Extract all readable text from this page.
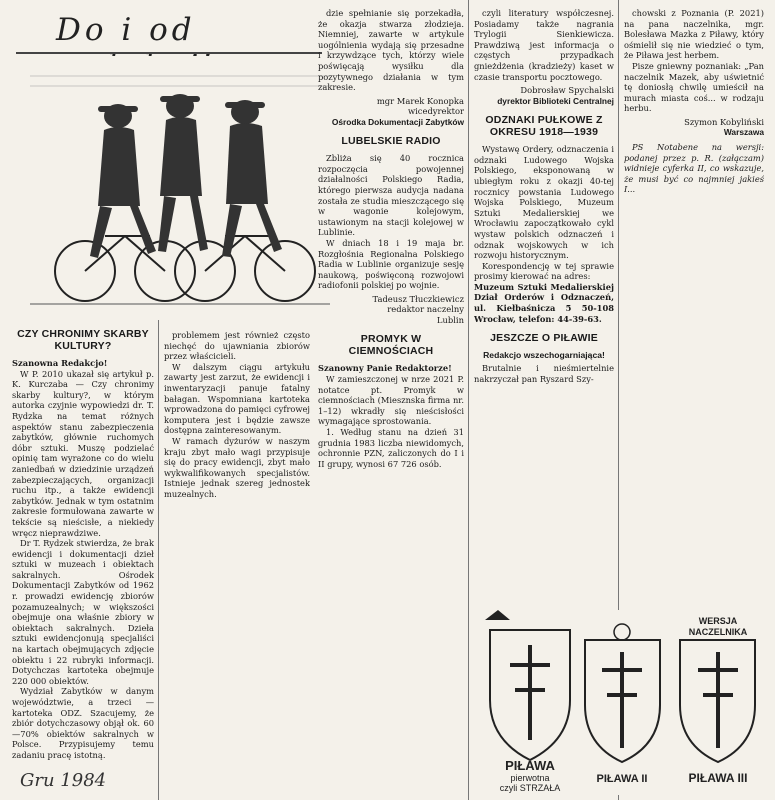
Do i od
CZY CHRONIMY SKARBY KULTURY?

Szanowna Redakcjo!

W P. 2010 ukazał się artykuł p. K. Kurczaba — Czy chronimy skarby kultury?, w którym autorka czyjnie wypowiedzi dr. T. Rydzka na temat różnych aspektów stanu zabezpieczenia zabytków, głównie ruchomych dóbr sztuki. Muszę podzielać opinię tam wyrażone co do wielu zaniedbań w dziedzinie urządzeń zabezpieczających, organizacji ruchu itp., a także ewidencji zabytków. Jednak w tym ostatnim zakresie formułowana zawarte w tekście są nieścisłe, a niekiedy wręcz nieprawdziwe.

Dr T. Rydzek stwierdza, że brak ewidencji i dokumentacji dzieł sztuki w muzeach i obiektach sakralnych. Ośrodek Dokumentacji Zabytków od 1962 r. prowadzi ewidencję zbiorów pozamuzealnych; w większości obejmuje ona właśnie zbiory w obiektach sakralnych. Dzieła sztuki ewidencjonują specjaliści na kartach obejmujących zdjęcie obiektu i 22 rubryki informacji. Dotychczas kartoteka obejmuje 220 000 obiektów.

Wydział Zabytków w danym województwie, a trzeci — kartoteka ODZ. Szacujemy, że zbiór dotychczasowy objął ok. 60—70% obiektów sakralnych w Polsce. Przypisujemy temu zadaniu pracę istotną.

problemem jest również często niechęć do ujawniania zbiorów przez właścicieli.

W dalszym ciągu artykułu zawarty jest zarzut, że ewidencji i inwentaryzacji panuje fatalny bałagan. Wspomniana kartoteka wprowadzona do pamięci cyfrowej komputera jest i będzie zawsze dostępna zainteresowanym.

W ramach dyżurów w naszym kraju zbyt mało wagi przypisuje się do pracy ewidencji, zbyt mało wykwalifikowanych specjalistów. Istnieje jednak szereg jednostek muzealnych.

dzie spełnianie się porzekadła, że okazja stwarza złodzieja. Niemniej, zawarte w artykule uogólnienia wydają się przesadne i krzywdzące tych, którzy wiele poświęcają wysiłku dla pozytywnego działania w tym zakresie.

mgr Marek Konopka
wicedyrektor
Ośrodka Dokumentacji Zabytków
LUBELSKIE RADIO

Zbliża się 40 rocznica rozpoczęcia powojennej działalności Polskiego Radia, którego pierwsza audycja nadana została ze studia mieszczącego się w wagonie kolejowym, ustawionym na stacji kolejowej w Lublinie.

W dniach 18 i 19 maja br. Rozgłośnia Regionalna Polskiego Radia w Lublinie organizuje sesję naukową, poświęconą rozwojowi radiofonii polskiej po wojnie.

Tadeusz Tłuczkiewicz
redaktor naczelny
Lublin
PROMYK W CIEMNOŚCIACH

Szanowny Panie Redaktorze!

W zamieszczonej w nrze 2021 P. notatce pt. Promyk w ciemnościach (Miesznska firma nr. 1–12) wkradły się nieścisłości wymagające sprostowania.

1. Według stanu na dzień 31 grudnia 1983 liczba niewidomych, ochronnie PZN, zaliczonych do I i II grupy, wynosi 67 726 osób.

czyli literatury współczesnej. Posiadamy także nagrania Trylogii Sienkiewicza. Prawdziwą jest informacja o częstych przypadkach gnieżdżenia (kradzieży) kaset w czasie transportu pocztowego.

Dobrosław Spychalski
dyrektor Biblioteki Centralnej
ODZNAKI PUŁKOWE Z OKRESU 1918—1939

Wystawę Ordery, odznaczenia i odznaki Ludowego Wojska Polskiego, eksponowaną w ubiegłym roku z okazji 40-tej rocznicy powstania Ludowego Wojska Polskiego, Muzeum Sztuki Medalierskiej we Wrocławiu zapoczątkowało cykl wystaw polskich odznaczeń i odznak wojskowych w ich rozwoju historycznym.

Korespondencję w tej sprawie prosimy kierować na adres:

Muzeum Sztuki Medalierskiej Dział Orderów i Odznaczeń, ul. Kiełbaśnicza 5 50-108 Wrocław, telefon: 44-39-63.

JESZCZE O PIŁAWIE
Redakcjo wszechogarniająca!

Brutalnie i nieśmiertelnie nakrzyczał pan Ryszard Szy-

chowski z Poznania (P. 2021) na pana naczelnika, mgr. Bolesława Mazka z Piławy, który ośmielił się nie wiedzieć o tym, że Piława jest herbem.

Pisze gniewny poznaniak: „Pan naczelnik Mazek, aby uświetnić tę doniosłą chwilę umieścił na murach miasta coś... w rodzaju herbu.

Szymon Kobyliński
Warszawa

PS Notabene na wersji: podanej przez p. R. (załączam) widnieje cyferka II, co wskazuje, że musi być co najmniej jakieś I...

PIŁAWA
pierwotna
czyli STRZAŁA
PIŁAWA II
WERSJA
NACZELNIKA
PIŁAWA III
Gru 1984
